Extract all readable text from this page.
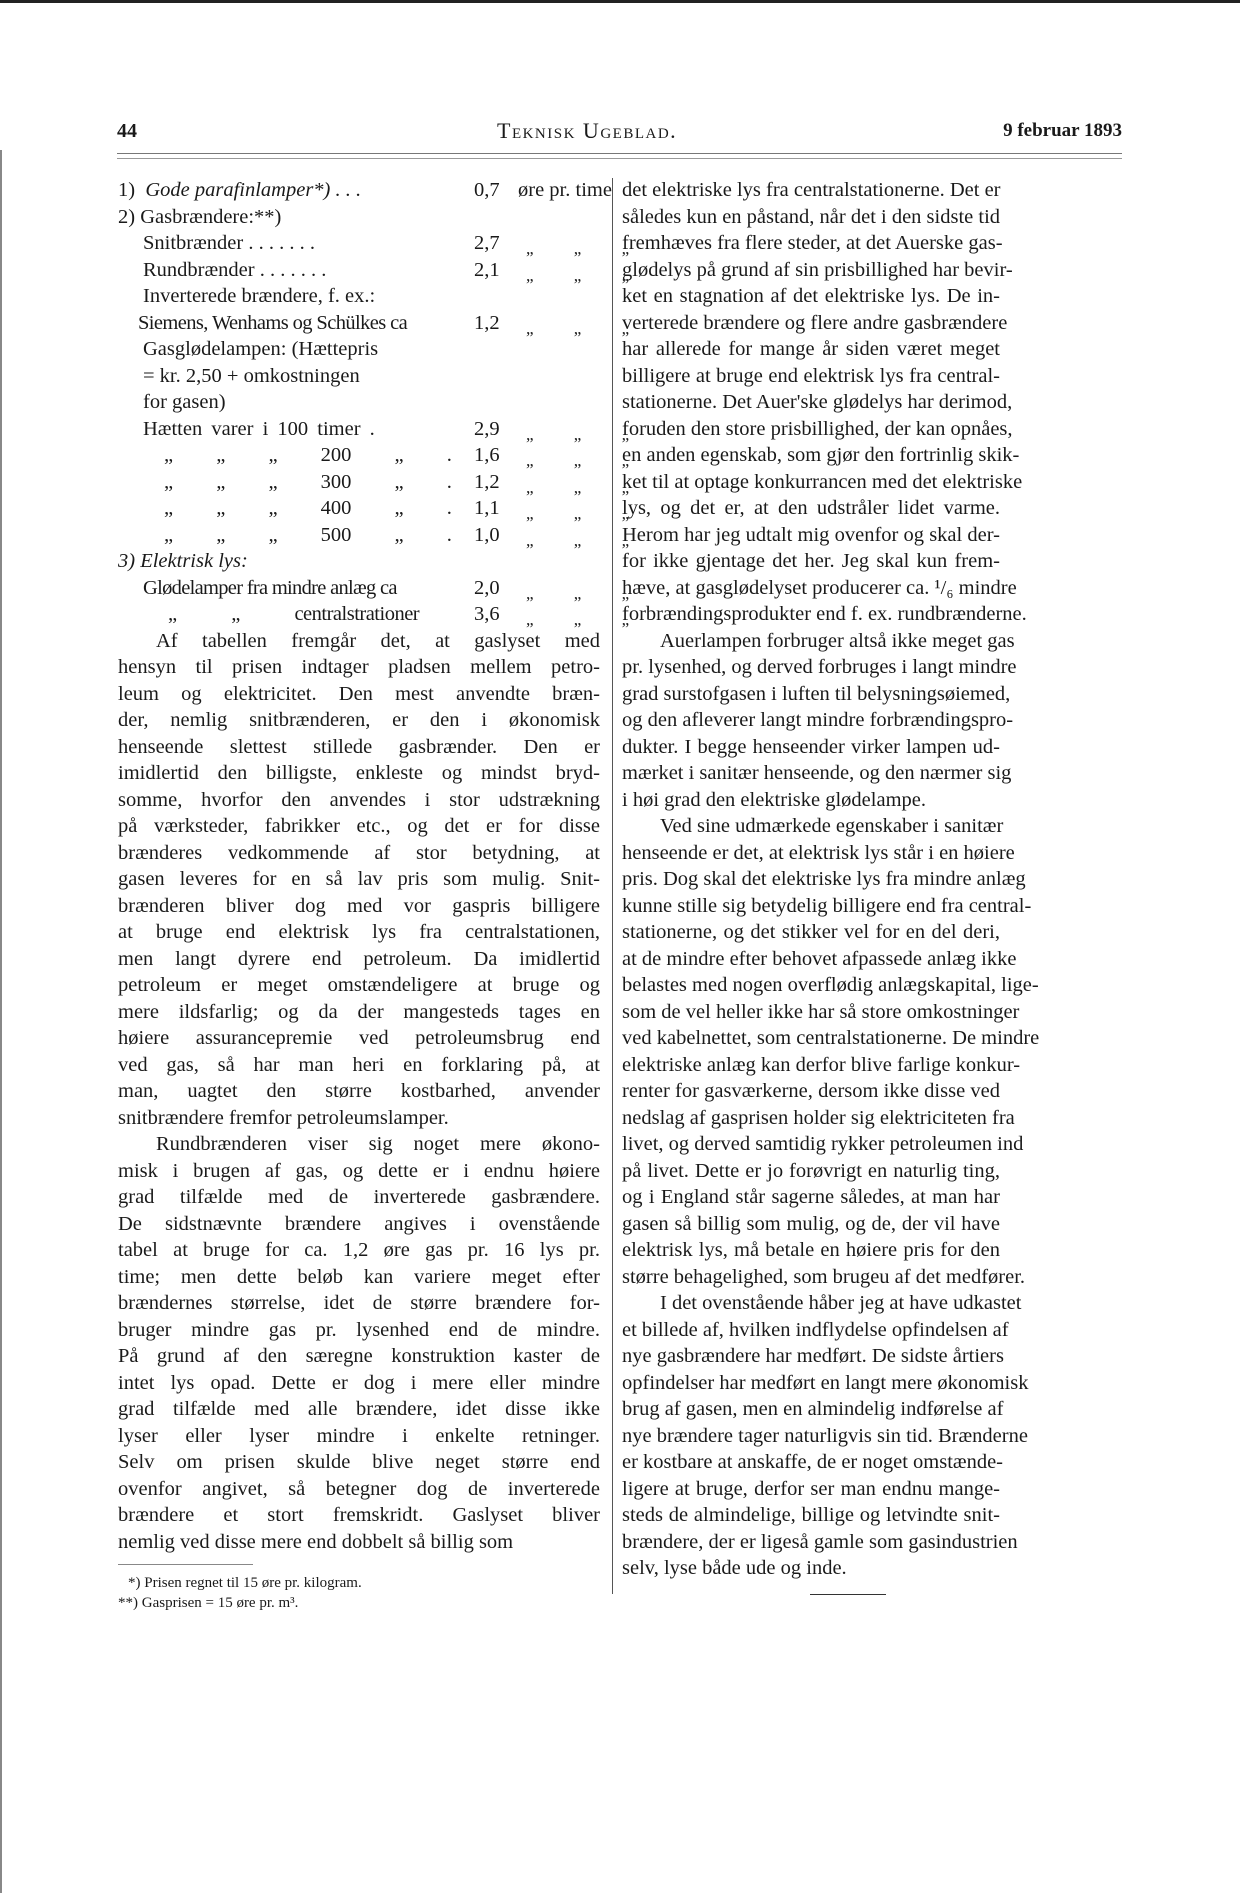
44	Teknisk Ugeblad.	9 februar 1893
1)  Gode parafinlamper*) . . .	0,7 øre pr. time
2) Gasbrændere:**)
Snitbrænder . . . . . . .	2,7 „ „ „
Rundbrænder . . . . . . .	2,1 „ „ „
Inverterede brændere, f. ex.:
Siemens, Wenhams og Schülkes ca	1,2 „ „ „
Gasglødelampen: (Hættepris
= kr. 2,50 + omkostningen
for gasen)
Hætten varer i 100 timer .	2,9 „ „ „
„ „ „ 200 „ . 1,6 „ „ „
„ „ „ 300 „ . 1,2 „ „ „
„ „ „ 400 „ . 1,1 „ „ „
„ „ „ 500 „ . 1,0 „ „ „
3) Elektrisk lys:
Glødelamper fra mindre anlæg ca	2,0 „ „ „
„ „ centralstrationer	3,6 „ „ „
Af tabellen fremgår det, at gaslyset med
hensyn til prisen indtager pladsen mellem petro-
leum og elektricitet. Den mest anvendte bræn-
der, nemlig snitbrænderen, er den i økonomisk
henseende slettest stillede gasbrænder. Den er
imidlertid den billigste, enkleste og mindst bryd-
somme, hvorfor den anvendes i stor udstrækning
på værksteder, fabrikker etc., og det er for disse
brænderes vedkommende af stor betydning, at
gasen leveres for en så lav pris som mulig. Snit-
brænderen bliver dog med vor gaspris billigere
at bruge end elektrisk lys fra centralstationen,
men langt dyrere end petroleum. Da imidlertid
petroleum er meget omstændeligere at bruge og
mere ildsfarlig; og da der mangesteds tages en
høiere assurancepremie ved petroleumsbrug end
ved gas, så har man heri en forklaring på, at
man, uagtet den større kostbarhed, anvender
snitbrændere fremfor petroleumslamper.
Rundbrænderen viser sig noget mere økono-
misk i brugen af gas, og dette er i endnu høiere
grad tilfælde med de inverterede gasbrændere.
De sidstnævnte brændere angives i ovenstående
tabel at bruge for ca. 1,2 øre gas pr. 16 lys pr.
time; men dette beløb kan variere meget efter
brændernes størrelse, idet de større brændere for-
bruger mindre gas pr. lysenhed end de mindre.
På grund af den særegne konstruktion kaster de
intet lys opad. Dette er dog i mere eller mindre
grad tilfælde med alle brændere, idet disse ikke
lyser eller lyser mindre i enkelte retninger.
Selv om prisen skulde blive neget større end
ovenfor angivet, så betegner dog de inverterede
brændere et stort fremskridt. Gaslyset bliver
nemlig ved disse mere end dobbelt så billig som
*) Prisen regnet til 15 øre pr. kilogram.
**) Gasprisen = 15 øre pr. m³.
det elektriske lys fra centralstationerne. Det er
således kun en påstand, når det i den sidste tid
fremhæves fra flere steder, at det Auerske gas-
glødelys på grund af sin prisbillighed har bevir-
ket en stagnation af det elektriske lys. De in-
verterede brændere og flere andre gasbrændere
har allerede for mange år siden været meget
billigere at bruge end elektrisk lys fra central-
stationerne. Det Auer'ske glødelys har derimod,
foruden den store prisbillighed, der kan opnåes,
en anden egenskab, som gjør den fortrinlig skik-
ket til at optage konkurrancen med det elektriske
lys, og det er, at den udstråler lidet varme.
Herom har jeg udtalt mig ovenfor og skal der-
for ikke gjentage det her. Jeg skal kun frem-
hæve, at gasglødelyset producerer ca. ¹/₆ mindre
forbrændingsprodukter end f. ex. rundbrænderne.
Auerlampen forbruger altså ikke meget gas
pr. lysenhed, og derved forbruges i langt mindre
grad surstofgasen i luften til belysningsøiemed,
og den afleverer langt mindre forbrændingspro-
dukter. I begge henseender virker lampen ud-
mærket i sanitær henseende, og den nærmer sig
i høi grad den elektriske glødelampe.
Ved sine udmærkede egenskaber i sanitær
henseende er det, at elektrisk lys står i en høiere
pris. Dog skal det elektriske lys fra mindre anlæg
kunne stille sig betydelig billigere end fra central-
stationerne, og det stikker vel for en del deri,
at de mindre efter behovet afpassede anlæg ikke
belastes med nogen overflødig anlægskapital, lige-
som de vel heller ikke har så store omkostninger
ved kabelnettet, som centralstationerne. De mindre
elektriske anlæg kan derfor blive farlige konkur-
renter for gasværkerne, dersom ikke disse ved
nedslag af gasprisen holder sig elektriciteten fra
livet, og derved samtidig rykker petroleumen ind
på livet. Dette er jo forøvrigt en naturlig ting,
og i England står sagerne således, at man har
gasen så billig som mulig, og de, der vil have
elektrisk lys, må betale en høiere pris for den
større behagelighed, som brugeu af det medfører.
I det ovenstående håber jeg at have udkastet
et billede af, hvilken indflydelse opfindelsen af
nye gasbrændere har medført. De sidste årtiers
opfindelser har medført en langt mere økonomisk
brug af gasen, men en almindelig indførelse af
nye brændere tager naturligvis sin tid. Brænderne
er kostbare at anskaffe, de er noget omstænde-
ligere at bruge, derfor ser man endnu mange-
steds de almindelige, billige og letvindte snit-
brændere, der er ligeså gamle som gasindustrien
selv, lyse både ude og inde.
